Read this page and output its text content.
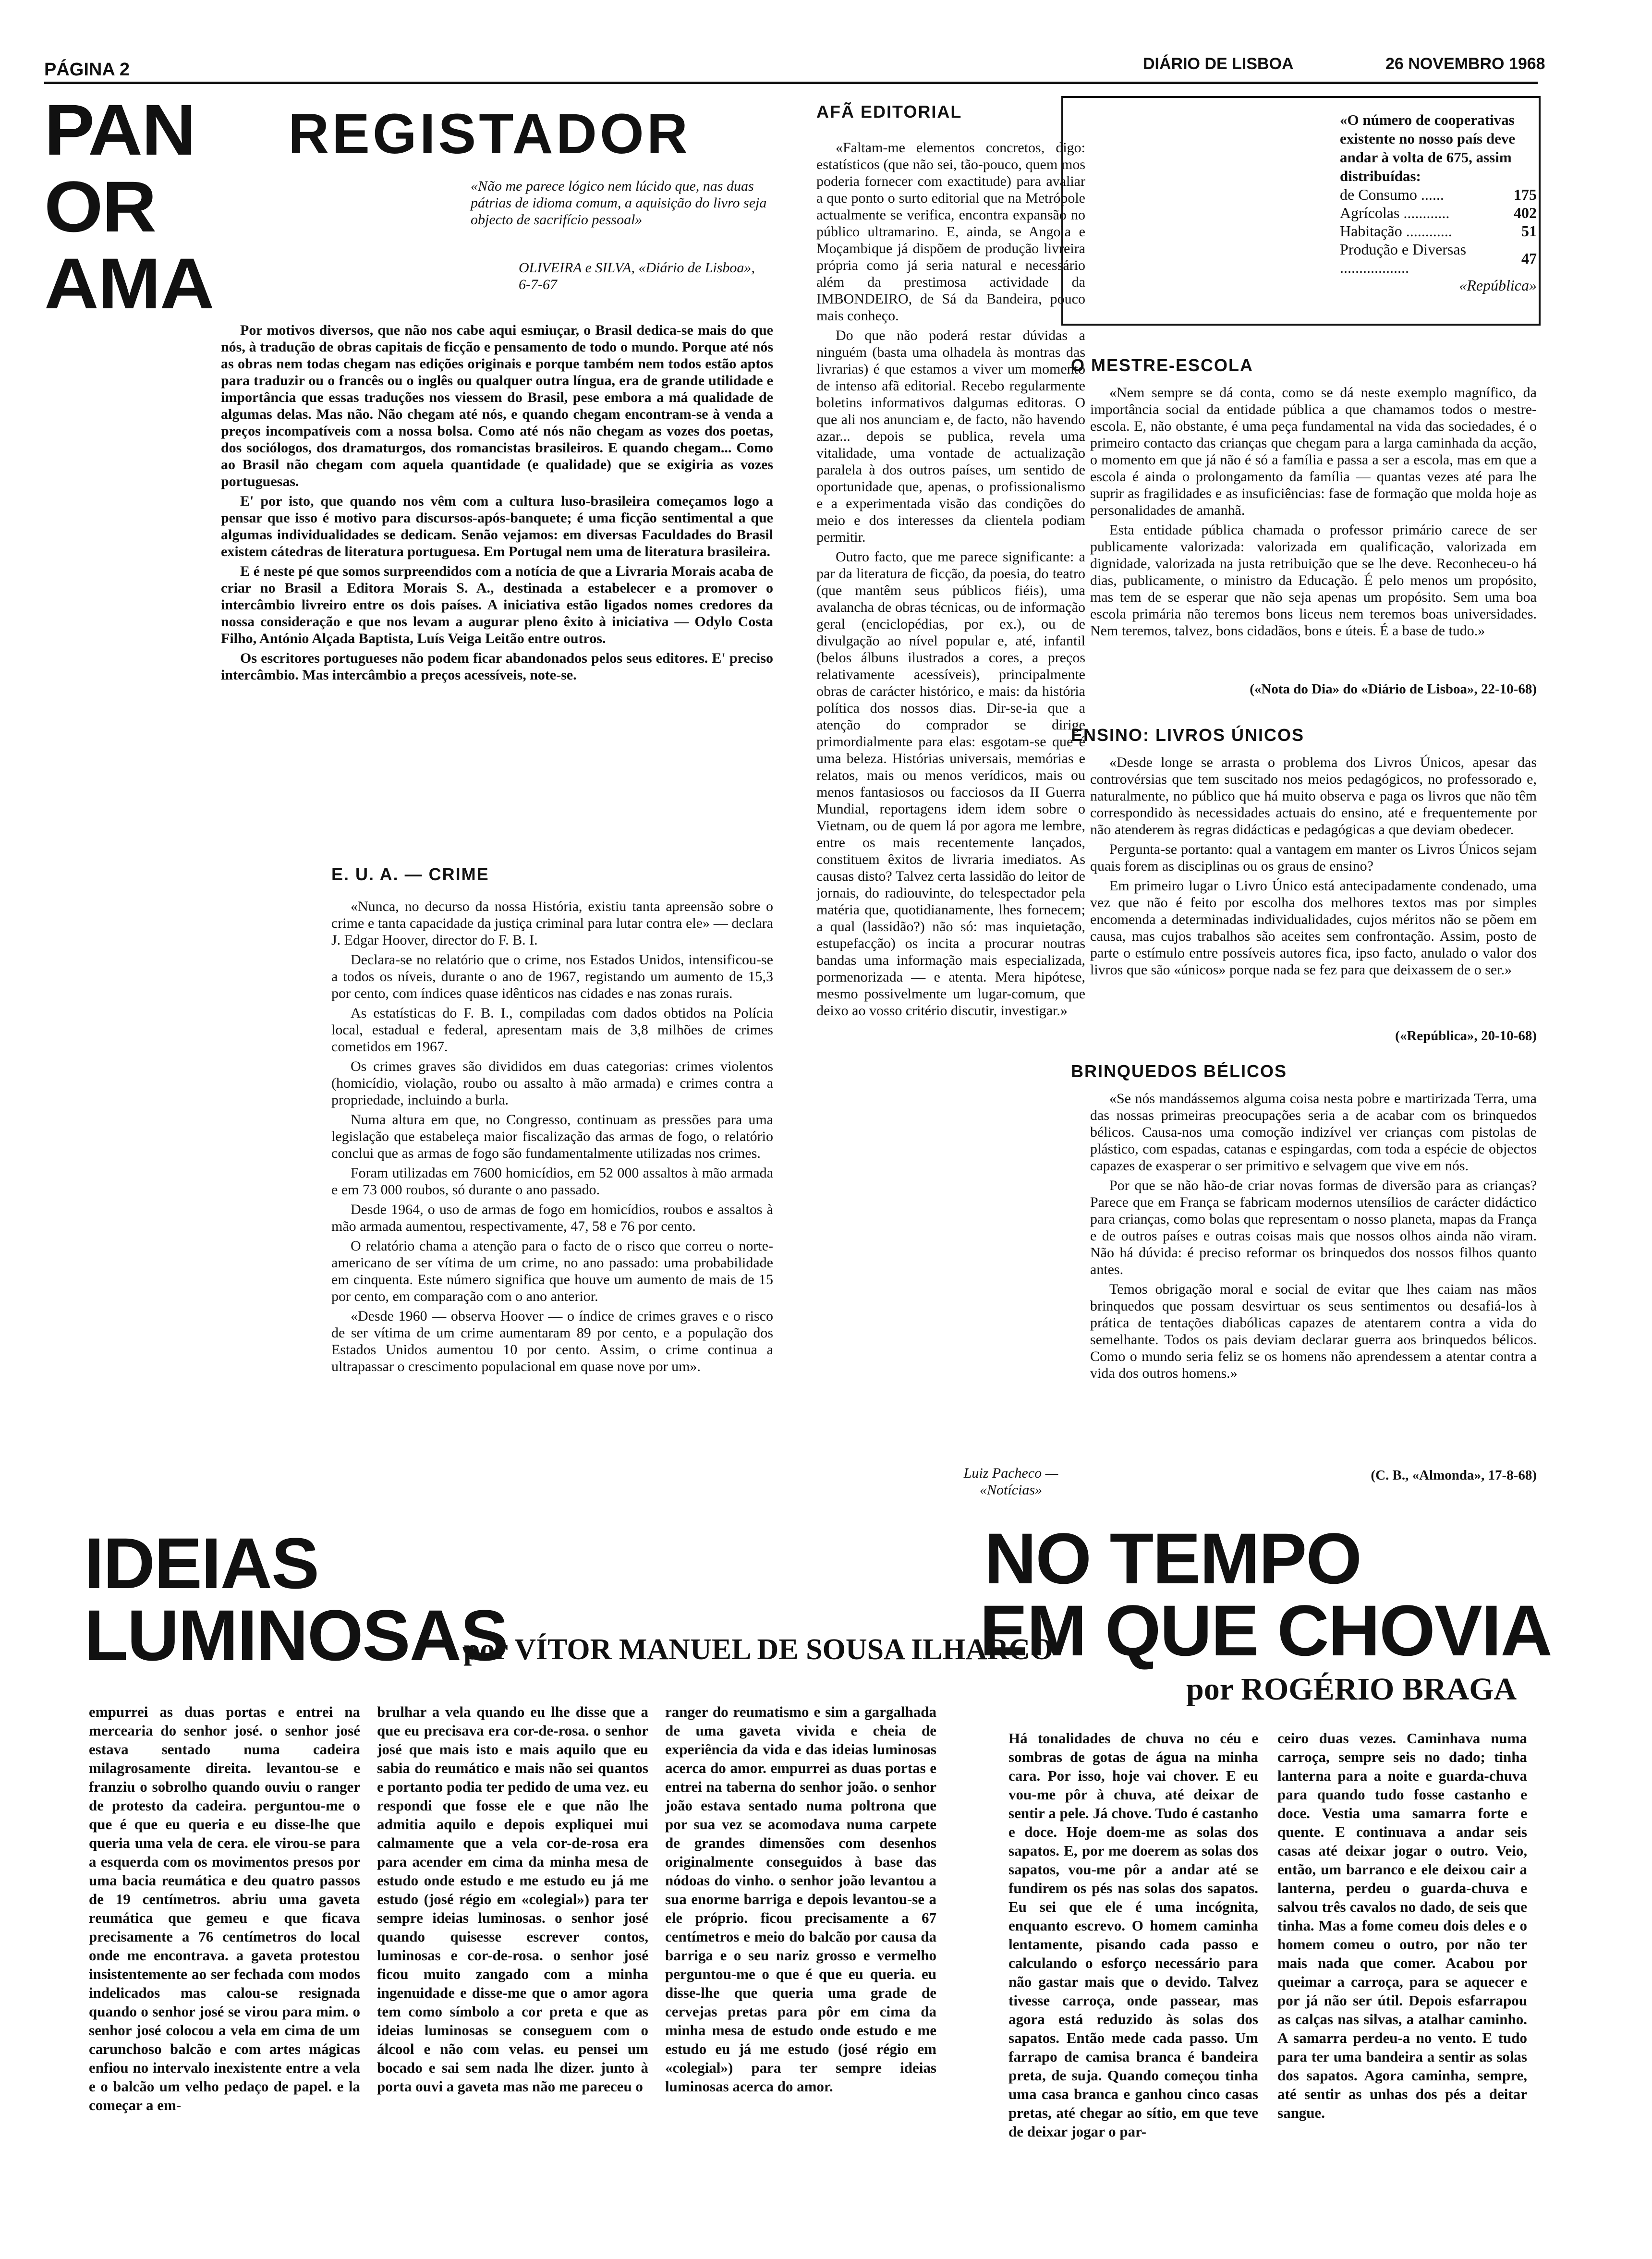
PÁGINA 2	DIÁRIO DE LISBOA	26 NOVEMBRO 1968
PAN
OR
AMA
REGISTADOR
«Não me parece lógico nem lúcido que, nas duas pátrias de idioma comum, a aquisição do livro seja objecto de sacrifício pessoal»
OLIVEIRA e SILVA, «Diário de Lisboa», 6-7-67

Por motivos diversos, que não nos cabe aqui esmiuçar, o Brasil dedica-se mais do que nós, à tradução de obras capitais de ficção e pensamento de todo o mundo. Porque até nós as obras nem todas chegam nas edições originais e porque também nem todos estão aptos para traduzir ou o francês ou o inglês ou qualquer outra língua, era de grande utilidade e importância que essas traduções nos viessem do Brasil, pese embora a má qualidade de algumas delas. Mas não. Não chegam até nós, e quando chegam encontram-se à venda a preços incompatíveis com a nossa bolsa. Como até nós não chegam as vozes dos poetas, dos sociólogos, dos dramaturgos, dos romancistas brasileiros. E quando chegam... Como ao Brasil não chegam com aquela quantidade (e qualidade) que se exigiria as vozes portuguesas.

E' por isto, que quando nos vêm com a cultura luso-brasileira começamos logo a pensar que isso é motivo para discursos-após-banquete; é uma ficção sentimental a que algumas individualidades se dedicam. Senão vejamos: em diversas Faculdades do Brasil existem cátedras de literatura portuguesa. Em Portugal nem uma de literatura brasileira.

E é neste pé que somos surpreendidos com a notícia de que a Livraria Morais acaba de criar no Brasil a Editora Morais S. A., destinada a estabelecer e a promover o intercâmbio livreiro entre os dois países. A iniciativa estão ligados nomes credores da nossa consideração e que nos levam a augurar pleno êxito à iniciativa — Odylo Costa Filho, António Alçada Baptista, Luís Veiga Leitão entre outros.

Os escritores portugueses não podem ficar abandonados pelos seus editores. E' preciso intercâmbio. Mas intercâmbio a preços acessíveis, note-se.

E. U. A. — CRIME

«Nunca, no decurso da nossa História, existiu tanta apreensão sobre o crime e tanta capacidade da justiça criminal para lutar contra ele» — declara J. Edgar Hoover, director do F. B. I.

Declara-se no relatório que o crime, nos Estados Unidos, intensificou-se a todos os níveis, durante o ano de 1967, registando um aumento de 15,3 por cento, com índices quase idênticos nas cidades e nas zonas rurais.

As estatísticas do F. B. I., compiladas com dados obtidos na Polícia local, estadual e federal, apresentam mais de 3,8 milhões de crimes cometidos em 1967.

Os crimes graves são divididos em duas categorias: crimes violentos (homicídio, violação, roubo ou assalto à mão armada) e crimes contra a propriedade, incluindo a burla.

Numa altura em que, no Congresso, continuam as pressões para uma legislação que estabeleça maior fiscalização das armas de fogo, o relatório conclui que as armas de fogo são fundamentalmente utilizadas nos crimes.

Foram utilizadas em 7600 homicídios, em 52 000 assaltos à mão armada e em 73 000 roubos, só durante o ano passado.

Desde 1964, o uso de armas de fogo em homicídios, roubos e assaltos à mão armada aumentou, respectivamente, 47, 58 e 76 por cento.

O relatório chama a atenção para o facto de o risco que correu o norte-americano de ser vítima de um crime, no ano passado: uma probabilidade em cinquenta. Este número significa que houve um aumento de mais de 15 por cento, em comparação com o ano anterior.

«Desde 1960 — observa Hoover — o índice de crimes graves e o risco de ser vítima de um crime aumentaram 89 por cento, e a população dos Estados Unidos aumentou 10 por cento. Assim, o crime continua a ultrapassar o crescimento populacional em quase nove por um».

AFÃ EDITORIAL

«Faltam-me elementos concretos, digo: estatísticos (que não sei, tão-pouco, quem mos poderia fornecer com exactitude) para avaliar a que ponto o surto editorial que na Metrópole actualmente se verifica, encontra expansão no público ultramarino. E, ainda, se Angola e Moçambique já dispõem de produção livreira própria como já seria natural e necessário além da prestimosa actividade da IMBONDEIRO, de Sá da Bandeira, pouco mais conheço.

Do que não poderá restar dúvidas a ninguém (basta uma olhadela às montras das livrarias) é que estamos a viver um momento de intenso afã editorial. Recebo regularmente boletins informativos dalgumas editoras. O que ali nos anunciam e, de facto, não havendo azar... depois se publica, revela uma vitalidade, uma vontade de actualização paralela à dos outros países, um sentido de oportunidade que, apenas, o profissionalismo e a experimentada visão das condições do meio e dos interesses da clientela podiam permitir.

Outro facto, que me parece significante: a par da literatura de ficção, da poesia, do teatro (que mantêm seus públicos fiéis), uma avalancha de obras técnicas, ou de informação geral (enciclopédias, por ex.), ou de divulgação ao nível popular e, até, infantil (belos álbuns ilustrados a cores, a preços relativamente acessíveis), principalmente obras de carácter histórico, e mais: da história política dos nossos dias. Dir-se-ia que a atenção do comprador se dirige primordialmente para elas: esgotam-se que é uma beleza. Histórias universais, memórias e relatos, mais ou menos verídicos, mais ou menos fantasiosos ou facciosos da II Guerra Mundial, reportagens idem idem sobre o Vietnam, ou de quem lá por agora me lembre, entre os mais recentemente lançados, constituem êxitos de livraria imediatos. As causas disto? Talvez certa lassidão do leitor de jornais, do radiouvinte, do telespectador pela matéria que, quotidianamente, lhes fornecem; a qual (lassidão?) não só: mas inquietação, estupefacção) os incita a procurar noutras bandas uma informação mais especializada, pormenorizada — e atenta. Mera hipótese, mesmo possivelmente um lugar-comum, que deixo ao vosso critério discutir, investigar.»

Luiz Pacheco — «Notícias»
«O número de cooperativas existente no nosso país deve andar à volta de 675, assim distribuídas:
de Consumo ......	175
Agrícolas ............	402
Habitação ............	51
Produção e Diversas ..................	47
«República»
O MESTRE-ESCOLA

«Nem sempre se dá conta, como se dá neste exemplo magnífico, da importância social da entidade pública a que chamamos todos o mestre-escola. E, não obstante, é uma peça fundamental na vida das sociedades, é o primeiro contacto das crianças que chegam para a larga caminhada da acção, o momento em que já não é só a família e passa a ser a escola, mas em que a escola é ainda o prolongamento da família — quantas vezes até para lhe suprir as fragilidades e as insuficiências: fase de formação que molda hoje as personalidades de amanhã.

Esta entidade pública chamada o professor primário carece de ser publicamente valorizada: valorizada em qualificação, valorizada em dignidade, valorizada na justa retribuição que se lhe deve. Reconheceu-o há dias, publicamente, o ministro da Educação. É pelo menos um propósito, mas tem de se esperar que não seja apenas um propósito. Sem uma boa escola primária não teremos bons liceus nem teremos boas universidades. Nem teremos, talvez, bons cidadãos, bons e úteis. É a base de tudo.»

(«Nota do Dia» do «Diário de Lisboa», 22-10-68)
ENSINO: LIVROS ÚNICOS

«Desde longe se arrasta o problema dos Livros Únicos, apesar das controvérsias que tem suscitado nos meios pedagógicos, no professorado e, naturalmente, no público que há muito observa e paga os livros que não têm correspondido às necessidades actuais do ensino, até e frequentemente por não atenderem às regras didácticas e pedagógicas a que deviam obedecer.

Pergunta-se portanto: qual a vantagem em manter os Livros Únicos sejam quais forem as disciplinas ou os graus de ensino?

Em primeiro lugar o Livro Único está antecipadamente condenado, uma vez que não é feito por escolha dos melhores textos mas por simples encomenda a determinadas individualidades, cujos méritos não se põem em causa, mas cujos trabalhos são aceites sem confrontação. Assim, posto de parte o estímulo entre possíveis autores fica, ipso facto, anulado o valor dos livros que são «únicos» porque nada se fez para que deixassem de o ser.»

(«República», 20-10-68)
BRINQUEDOS BÉLICOS

«Se nós mandássemos alguma coisa nesta pobre e martirizada Terra, uma das nossas primeiras preocupações seria a de acabar com os brinquedos bélicos. Causa-nos uma comoção indizível ver crianças com pistolas de plástico, com espadas, catanas e espingardas, com toda a espécie de objectos capazes de exasperar o ser primitivo e selvagem que vive em nós.

Por que se não hão-de criar novas formas de diversão para as crianças? Parece que em França se fabricam modernos utensílios de carácter didáctico para crianças, como bolas que representam o nosso planeta, mapas da França e de outros países e outras coisas mais que nossos olhos ainda não viram. Não há dúvida: é preciso reformar os brinquedos dos nossos filhos quanto antes.

Temos obrigação moral e social de evitar que lhes caiam nas mãos brinquedos que possam desvirtuar os seus sentimentos ou desafiá-los à prática de tentações diabólicas capazes de atentarem contra a vida do semelhante. Todos os pais deviam declarar guerra aos brinquedos bélicos. Como o mundo seria feliz se os homens não aprendessem a atentar contra a vida dos outros homens.»

(C. B., «Almonda», 17-8-68)
IDEIAS
LUMINOSAS
por VÍTOR MANUEL DE SOUSA ILHARCO
empurrei as duas portas e entrei na mercearia do senhor josé. o senhor josé estava sentado numa cadeira milagrosamente direita. levantou-se e franziu o sobrolho quando ouviu o ranger de protesto da cadeira. perguntou-me o que é que eu queria e eu disse-lhe que queria uma vela de cera. ele virou-se para a esquerda com os movimentos presos por uma bacia reumática e deu quatro passos de 19 centímetros. abriu uma gaveta reumática que gemeu e que ficava precisamente a 76 centímetros do local onde me encontrava. a gaveta protestou insistentemente ao ser fechada com modos indelicados mas calou-se resignada quando o senhor josé se virou para mim. o senhor josé colocou a vela em cima de um carunchoso balcão e com artes mágicas enfiou no intervalo inexistente entre a vela e o balcão um velho pedaço de papel. e la começar a em-
brulhar a vela quando eu lhe disse que a que eu precisava era cor-de-rosa. o senhor josé que mais isto e mais aquilo que eu sabia do reumático e mais não sei quantos e portanto podia ter pedido de uma vez. eu respondi que fosse ele e que não lhe admitia aquilo e depois expliquei mui calmamente que a vela cor-de-rosa era para acender em cima da minha mesa de estudo onde estudo e me estudo eu já me estudo (josé régio em «colegial») para ter sempre ideias luminosas. o senhor josé quando quisesse escrever contos, luminosas e cor-de-rosa. o senhor josé ficou muito zangado com a minha ingenuidade e disse-me que o amor agora tem como símbolo a cor preta e que as ideias luminosas se conseguem com o álcool e não com velas. eu pensei um bocado e sai sem nada lhe dizer. junto à porta ouvi a gaveta mas não me pareceu o
ranger do reumatismo e sim a gargalhada de uma gaveta vivida e cheia de experiência da vida e das ideias luminosas acerca do amor. empurrei as duas portas e entrei na taberna do senhor joão. o senhor joão estava sentado numa poltrona que por sua vez se acomodava numa carpete de grandes dimensões com desenhos originalmente conseguidos à base das nódoas do vinho. o senhor joão levantou a sua enorme barriga e depois levantou-se a ele próprio. ficou precisamente a 67 centímetros e meio do balcão por causa da barriga e o seu nariz grosso e vermelho perguntou-me o que é que eu queria. eu disse-lhe que queria uma grade de cervejas pretas para pôr em cima da minha mesa de estudo onde estudo e me estudo eu já me estudo (josé régio em «colegial») para ter sempre ideias luminosas acerca do amor.
NO TEMPO
EM QUE CHOVIA
por ROGÉRIO BRAGA
Há tonalidades de chuva no céu e sombras de gotas de água na minha cara. Por isso, hoje vai chover. E eu vou-me pôr à chuva, até deixar de sentir a pele. Já chove. Tudo é castanho e doce. Hoje doem-me as solas dos sapatos. E, por me doerem as solas dos sapatos, vou-me pôr a andar até se fundirem os pés nas solas dos sapatos. Eu sei que ele é uma incógnita, enquanto escrevo. O homem caminha lentamente, pisando cada passo e calculando o esforço necessário para não gastar mais que o devido. Talvez tivesse carroça, onde passear, mas agora está reduzido às solas dos sapatos. Então mede cada passo. Um farrapo de camisa branca é bandeira preta, de suja. Quando começou tinha uma casa branca e ganhou cinco casas pretas, até chegar ao sítio, em que teve de deixar jogar o par-
ceiro duas vezes. Caminhava numa carroça, sempre seis no dado; tinha lanterna para a noite e guarda-chuva para quando tudo fosse castanho e doce. Vestia uma samarra forte e quente. E continuava a andar seis casas até deixar jogar o outro. Veio, então, um barranco e ele deixou cair a lanterna, perdeu o guarda-chuva e salvou três cavalos no dado, de seis que tinha. Mas a fome comeu dois deles e o homem comeu o outro, por não ter mais nada que comer. Acabou por queimar a carroça, para se aquecer e por já não ser útil. Depois esfarrapou as calças nas silvas, a atalhar caminho. A samarra perdeu-a no vento. E tudo para ter uma bandeira a sentir as solas dos sapatos. Agora caminha, sempre, até sentir as unhas dos pés a deitar sangue.
